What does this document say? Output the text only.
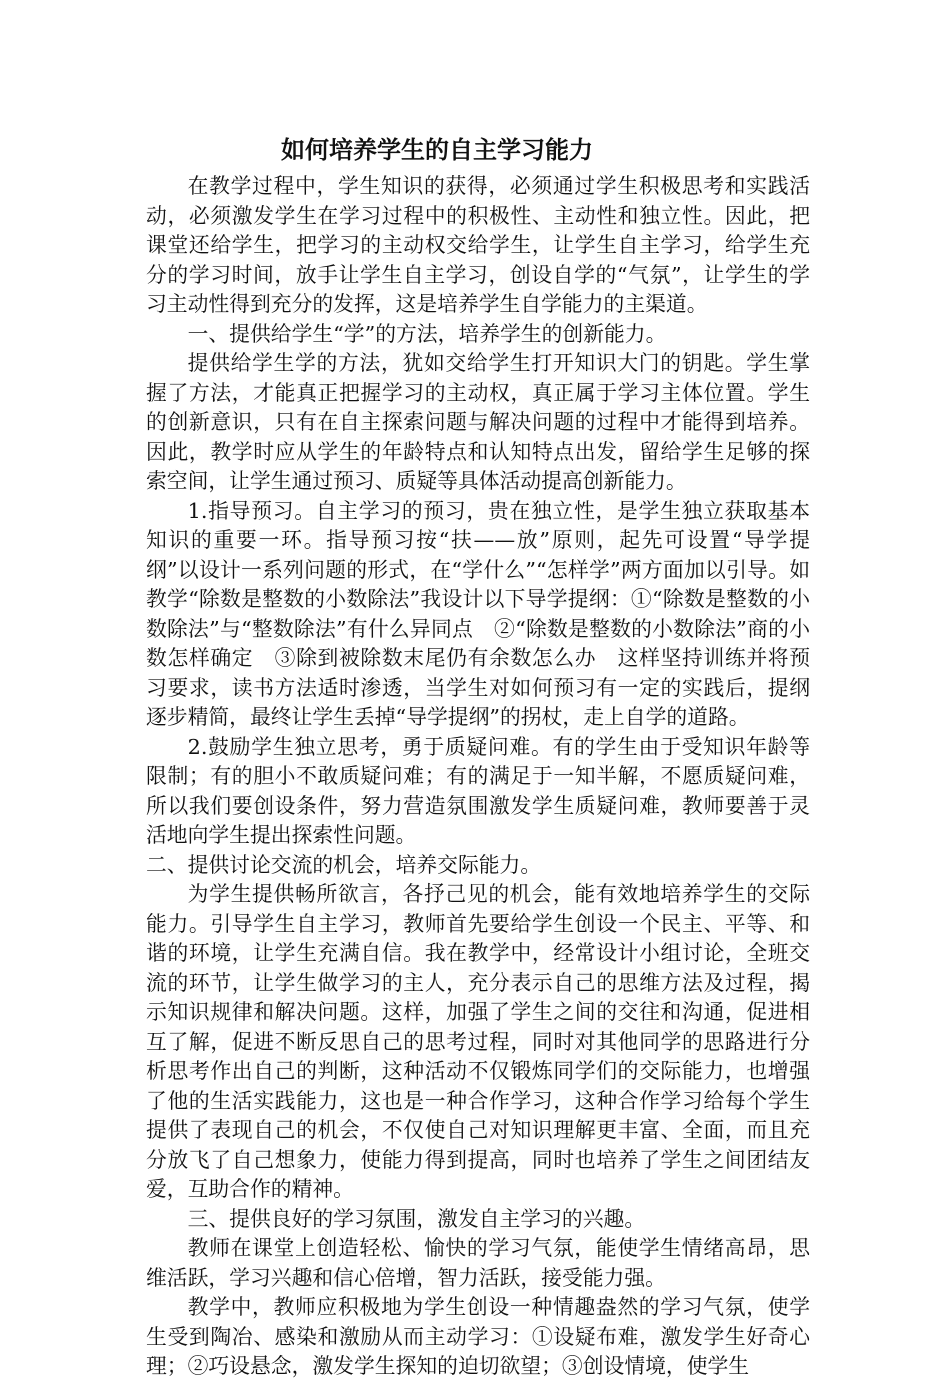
如何培养学生的自主学习能力

在教学过程中，学生知识的获得，必须通过学生积极思考和实践活动，必须激发学生在学习过程中的积极性、主动性和独立性。因此，把课堂还给学生，把学习的主动权交给学生，让学生自主学习，给学生充分的学习时间，放手让学生自主学习，创设自学的“气氛”，让学生的学习主动性得到充分的发挥，这是培养学生自学能力的主渠道。

一、提供给学生“学”的方法，培养学生的创新能力。

提供给学生学的方法，犹如交给学生打开知识大门的钥匙。学生掌握了方法，才能真正把握学习的主动权，真正属于学习主体位置。学生的创新意识，只有在自主探索问题与解决问题的过程中才能得到培养。因此，教学时应从学生的年龄特点和认知特点出发，留给学生足够的探索空间，让学生通过预习、质疑等具体活动提高创新能力。

1.指导预习。自主学习的预习，贵在独立性，是学生独立获取基本知识的重要一环。指导预习按“扶——放”原则，起先可设置“导学提纲”以设计一系列问题的形式，在“学什么”“怎样学”两方面加以引导。如教学“除数是整数的小数除法”我设计以下导学提纲：①“除数是整数的小数除法”与“整数除法”有什么异同点　②“除数是整数的小数除法”商的小数怎样确定　③除到被除数末尾仍有余数怎么办　这样坚持训练并将预习要求，读书方法适时渗透，当学生对如何预习有一定的实践后，提纲逐步精简，最终让学生丢掉“导学提纲”的拐杖，走上自学的道路。

2.鼓励学生独立思考，勇于质疑问难。有的学生由于受知识年龄等限制；有的胆小不敢质疑问难；有的满足于一知半解，不愿质疑问难，所以我们要创设条件，努力营造氛围激发学生质疑问难，教师要善于灵活地向学生提出探索性问题。

二、提供讨论交流的机会，培养交际能力。

为学生提供畅所欲言，各抒己见的机会，能有效地培养学生的交际能力。引导学生自主学习，教师首先要给学生创设一个民主、平等、和谐的环境，让学生充满自信。我在教学中，经常设计小组讨论，全班交流的环节，让学生做学习的主人，充分表示自己的思维方法及过程，揭示知识规律和解决问题。这样，加强了学生之间的交往和沟通，促进相互了解，促进不断反思自己的思考过程，同时对其他同学的思路进行分析思考作出自己的判断，这种活动不仅锻炼同学们的交际能力，也增强了他的生活实践能力，这也是一种合作学习，这种合作学习给每个学生提供了表现自己的机会，不仅使自己对知识理解更丰富、全面，而且充分放飞了自己想象力，使能力得到提高，同时也培养了学生之间团结友爱，互助合作的精神。

三、提供良好的学习氛围，激发自主学习的兴趣。

教师在课堂上创造轻松、愉快的学习气氛，能使学生情绪高昂，思维活跃，学习兴趣和信心倍增，智力活跃，接受能力强。

教学中，教师应积极地为学生创设一种情趣盎然的学习气氛，使学生受到陶冶、感染和激励从而主动学习：①设疑布难，激发学生好奇心理；②巧设悬念，激发学生探知的迫切欲望；③创设情境，使学生
